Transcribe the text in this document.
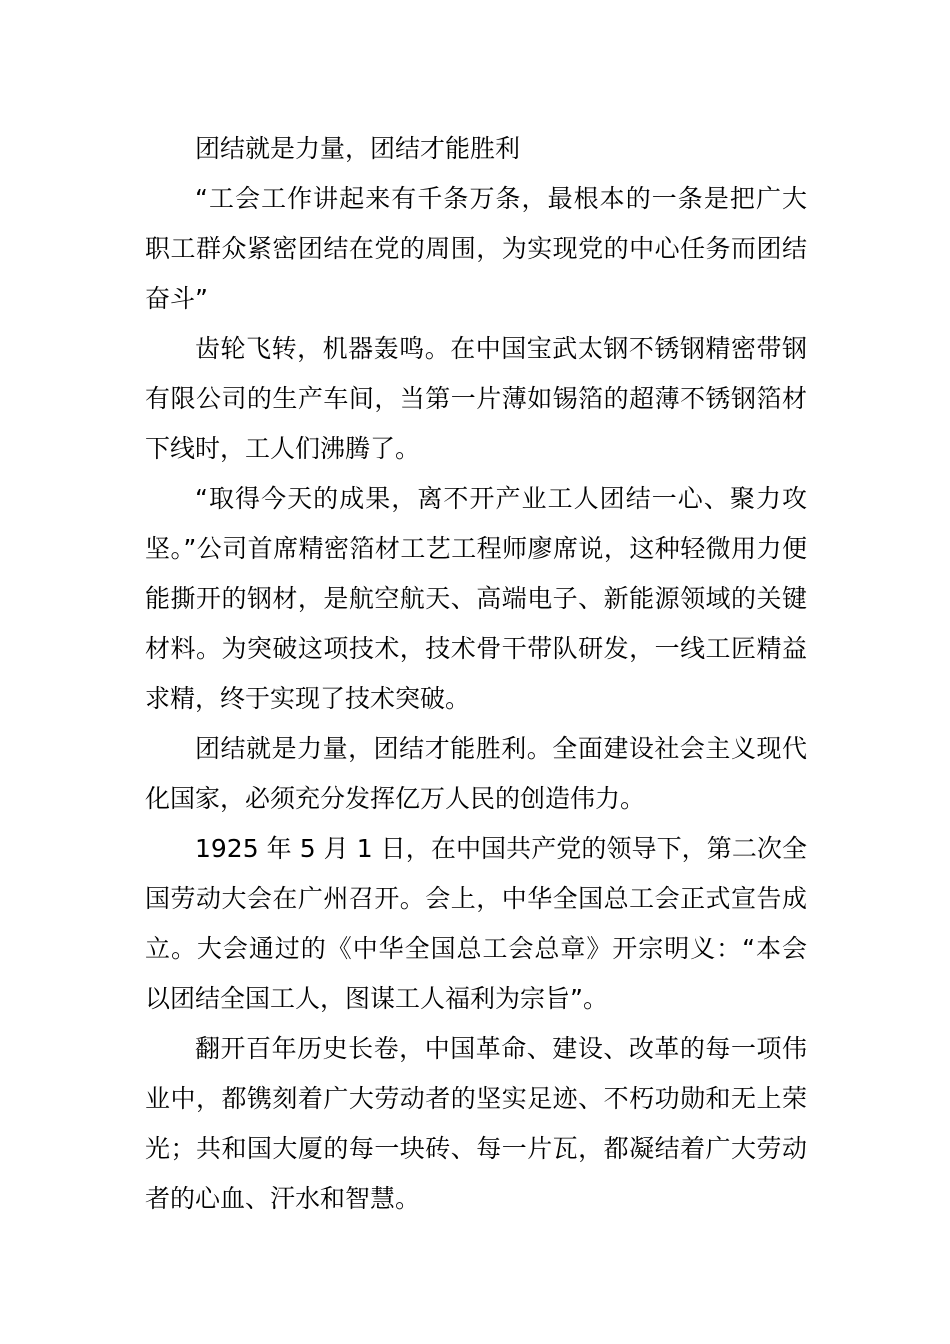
团结就是力量，团结才能胜利

“工会工作讲起来有千条万条，最根本的一条是把广大职工群众紧密团结在党的周围，为实现党的中心任务而团结奋斗”

齿轮飞转，机器轰鸣。在中国宝武太钢不锈钢精密带钢有限公司的生产车间，当第一片薄如锡箔的超薄不锈钢箔材下线时，工人们沸腾了。

“取得今天的成果，离不开产业工人团结一心、聚力攻坚。”公司首席精密箔材工艺工程师廖席说，这种轻微用力便能撕开的钢材，是航空航天、高端电子、新能源领域的关键材料。为突破这项技术，技术骨干带队研发，一线工匠精益求精，终于实现了技术突破。

团结就是力量，团结才能胜利。全面建设社会主义现代化国家，必须充分发挥亿万人民的创造伟力。

1925 年 5 月 1 日，在中国共产党的领导下，第二次全国劳动大会在广州召开。会上，中华全国总工会正式宣告成立。大会通过的《中华全国总工会总章》开宗明义：“本会以团结全国工人，图谋工人福利为宗旨”。

翻开百年历史长卷，中国革命、建设、改革的每一项伟业中，都镌刻着广大劳动者的坚实足迹、不朽功勋和无上荣光；共和国大厦的每一块砖、每一片瓦，都凝结着广大劳动者的心血、汗水和智慧。
